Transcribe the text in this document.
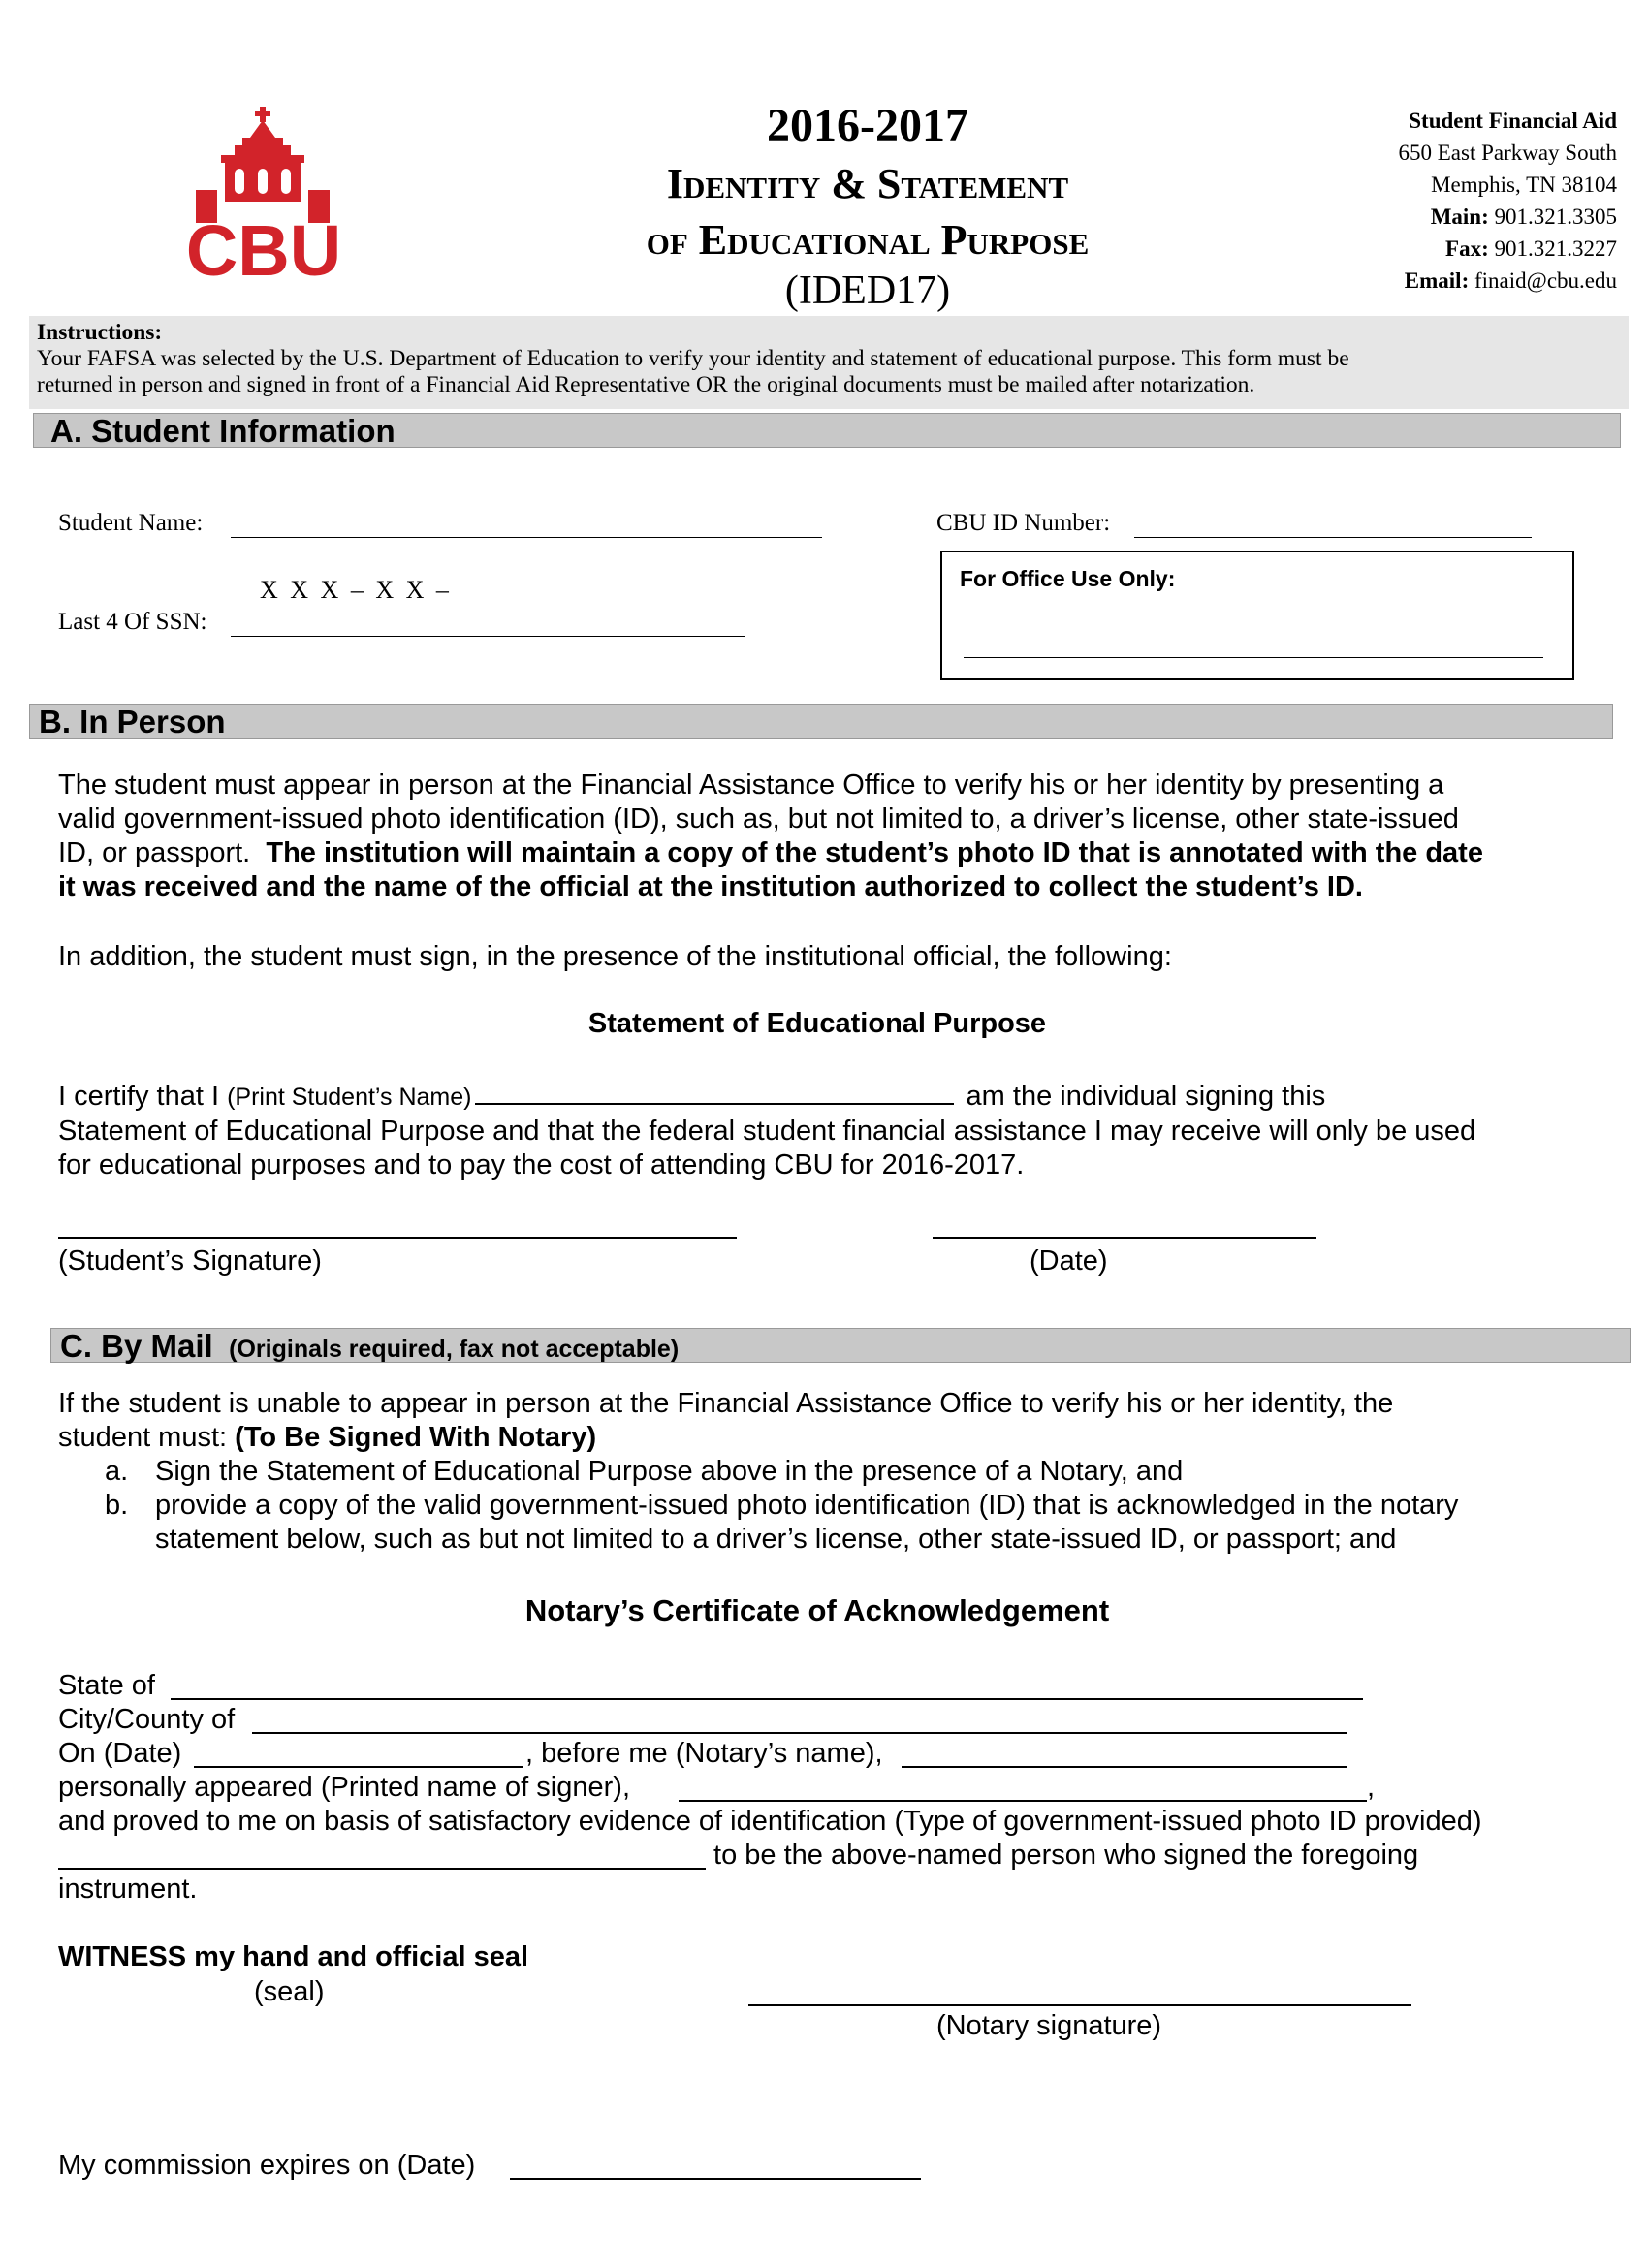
CBU
2016-2017
Identity & Statement
of Educational Purpose
(IDED17)
Student Financial Aid
650 East Parkway South
Memphis, TN 38104
Main: 901.321.3305
Fax: 901.321.3227
Email: finaid@cbu.edu
Instructions:
Your FAFSA was selected by the U.S. Department of Education to verify your identity and statement of educational purpose. This form must be
returned in person and signed in front of a Financial Aid Representative OR the original documents must be mailed after notarization.
A. Student Information
Student Name:	CBU ID Number:
X X X – X X –
Last 4 Of SSN:
For Office Use Only:
B. In Person
The student must appear in person at the Financial Assistance Office to verify his or her identity by presenting a
valid government-issued photo identification (ID), such as, but not limited to, a driver’s license, other state-issued
ID, or passport.  The institution will maintain a copy of the student’s photo ID that is annotated with the date
it was received and the name of the official at the institution authorized to collect the student’s ID.
In addition, the student must sign, in the presence of the institutional official, the following:
Statement of Educational Purpose
I certify that I (Print Student’s Name)	am the individual signing this
Statement of Educational Purpose and that the federal student financial assistance I may receive will only be used
for educational purposes and to pay the cost of attending CBU for 2016-2017.
(Student’s Signature)	(Date)
C. By Mail (Originals required, fax not acceptable)
If the student is unable to appear in person at the Financial Assistance Office to verify his or her identity, the
student must: (To Be Signed With Notary)
a. Sign the Statement of Educational Purpose above in the presence of a Notary, and
b. provide a copy of the valid government-issued photo identification (ID) that is acknowledged in the notary
statement below, such as but not limited to a driver’s license, other state-issued ID, or passport; and
Notary’s Certificate of Acknowledgement
State of
City/County of
On (Date)	, before me (Notary’s name),
personally appeared (Printed name of signer),	,
and proved to me on basis of satisfactory evidence of identification (Type of government-issued photo ID provided)
to be the above-named person who signed the foregoing
instrument.
WITNESS my hand and official seal
(seal)
(Notary signature)
My commission expires on (Date)
